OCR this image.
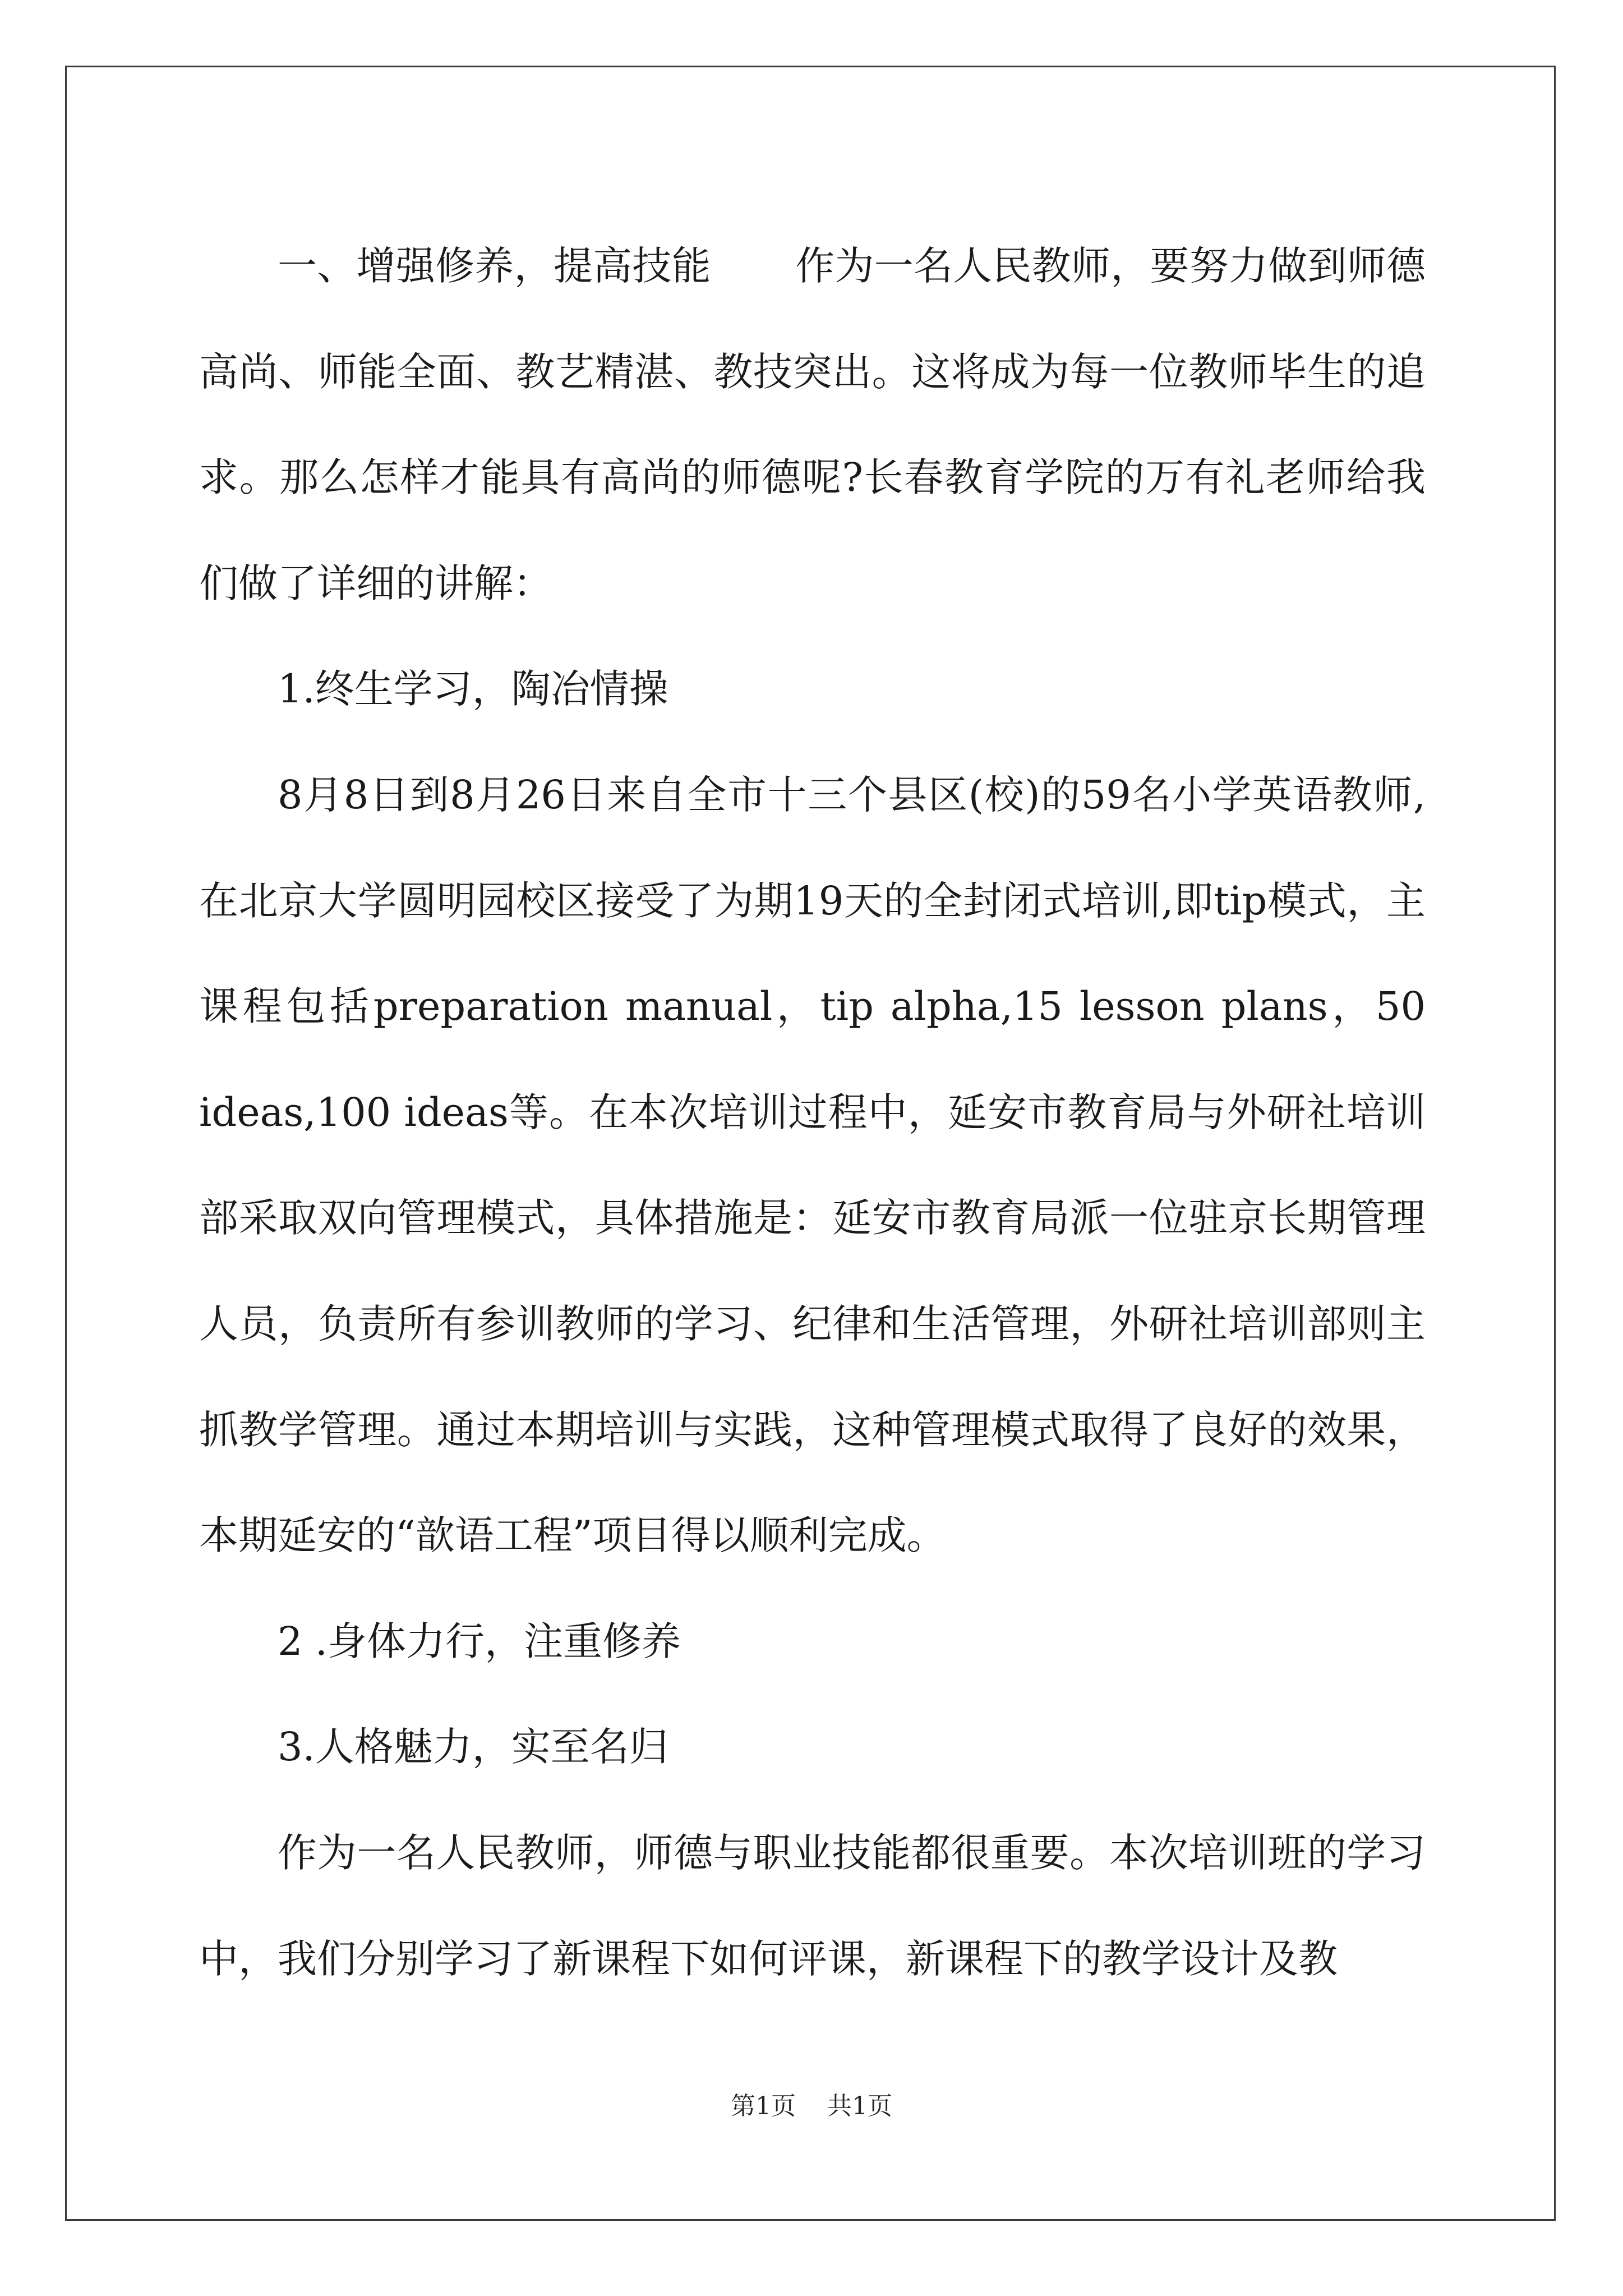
一、增强修养，提高技能 作为一名人民教师，要努力做到师德高尚、师能全面、教艺精湛、教技突出。这将成为每一位教师毕生的追求。那么怎样才能具有高尚的师德呢?长春教育学院的万有礼老师给我们做了详细的讲解：

1.终生学习，陶冶情操

8月8日到8月26日来自全市十三个县区(校)的59名小学英语教师,在北京大学圆明园校区接受了为期19天的全封闭式培训,即tip模式，主课程包括preparation manual，tip alpha,15 lesson plans，50 ideas,100 ideas等。在本次培训过程中，延安市教育局与外研社培训部采取双向管理模式，具体措施是：延安市教育局派一位驻京长期管理人员，负责所有参训教师的学习、纪律和生活管理，外研社培训部则主抓教学管理。通过本期培训与实践，这种管理模式取得了良好的效果，本期延安的“歆语工程”项目得以顺利完成。

2 .身体力行，注重修养

3.人格魅力，实至名归

作为一名人民教师，师德与职业技能都很重要。本次培训班的学习中，我们分别学习了新课程下如何评课，新课程下的教学设计及教

第1页    共1页
